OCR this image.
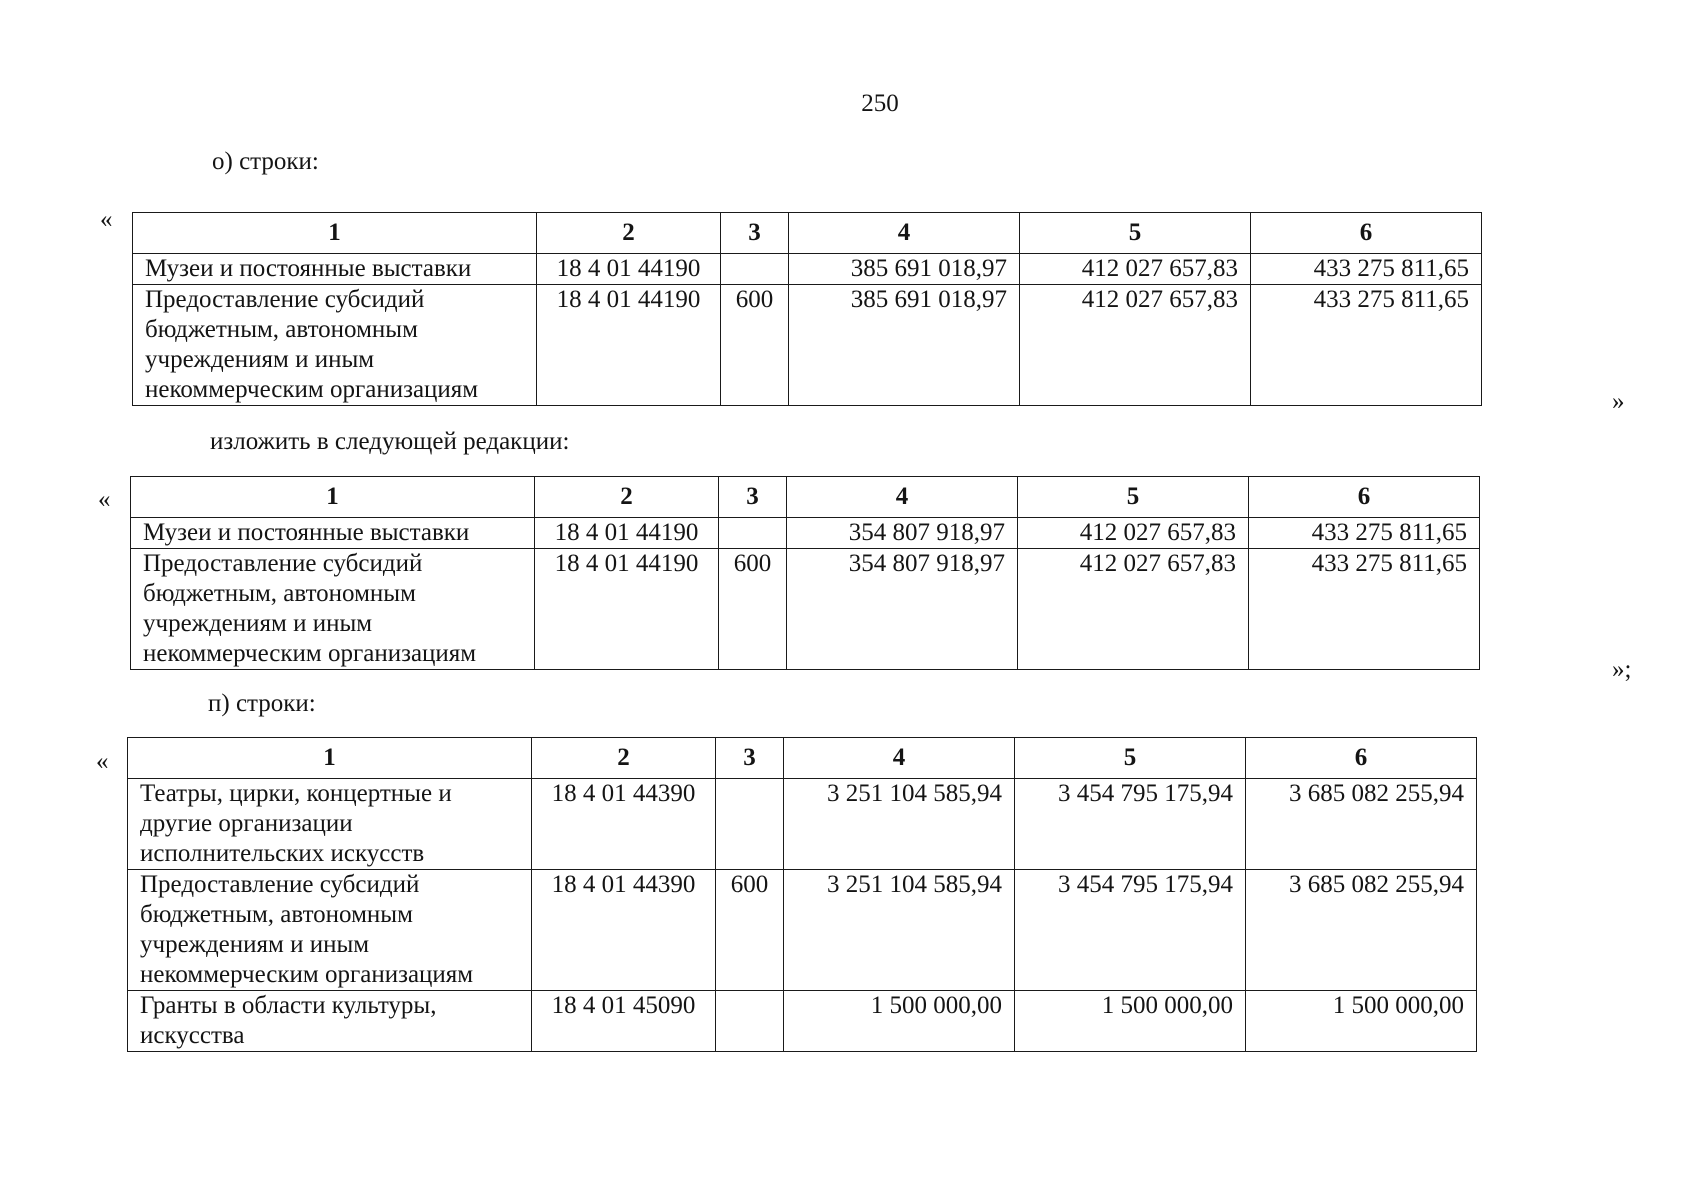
250
о) строки:
«	1	2	3	4	5	6
Музеи и постоянные выставки	18 4 01 44190		385 691 018,97	412 027 657,83	433 275 811,65
Предоставление субсидий бюджетным, автономным учреждениям и иным некоммерческим организациям	18 4 01 44190	600	385 691 018,97	412 027 657,83	433 275 811,65
»
изложить в следующей редакции:
«	1	2	3	4	5	6
Музеи и постоянные выставки	18 4 01 44190		354 807 918,97	412 027 657,83	433 275 811,65
Предоставление субсидий бюджетным, автономным учреждениям и иным некоммерческим организациям	18 4 01 44190	600	354 807 918,97	412 027 657,83	433 275 811,65
»;
п) строки:
«	1	2	3	4	5	6
Театры, цирки, концертные и другие организации исполнительских искусств	18 4 01 44390		3 251 104 585,94	3 454 795 175,94	3 685 082 255,94
Предоставление субсидий бюджетным, автономным учреждениям и иным некоммерческим организациям	18 4 01 44390	600	3 251 104 585,94	3 454 795 175,94	3 685 082 255,94
Гранты в области культуры, искусства	18 4 01 45090		1 500 000,00	1 500 000,00	1 500 000,00
